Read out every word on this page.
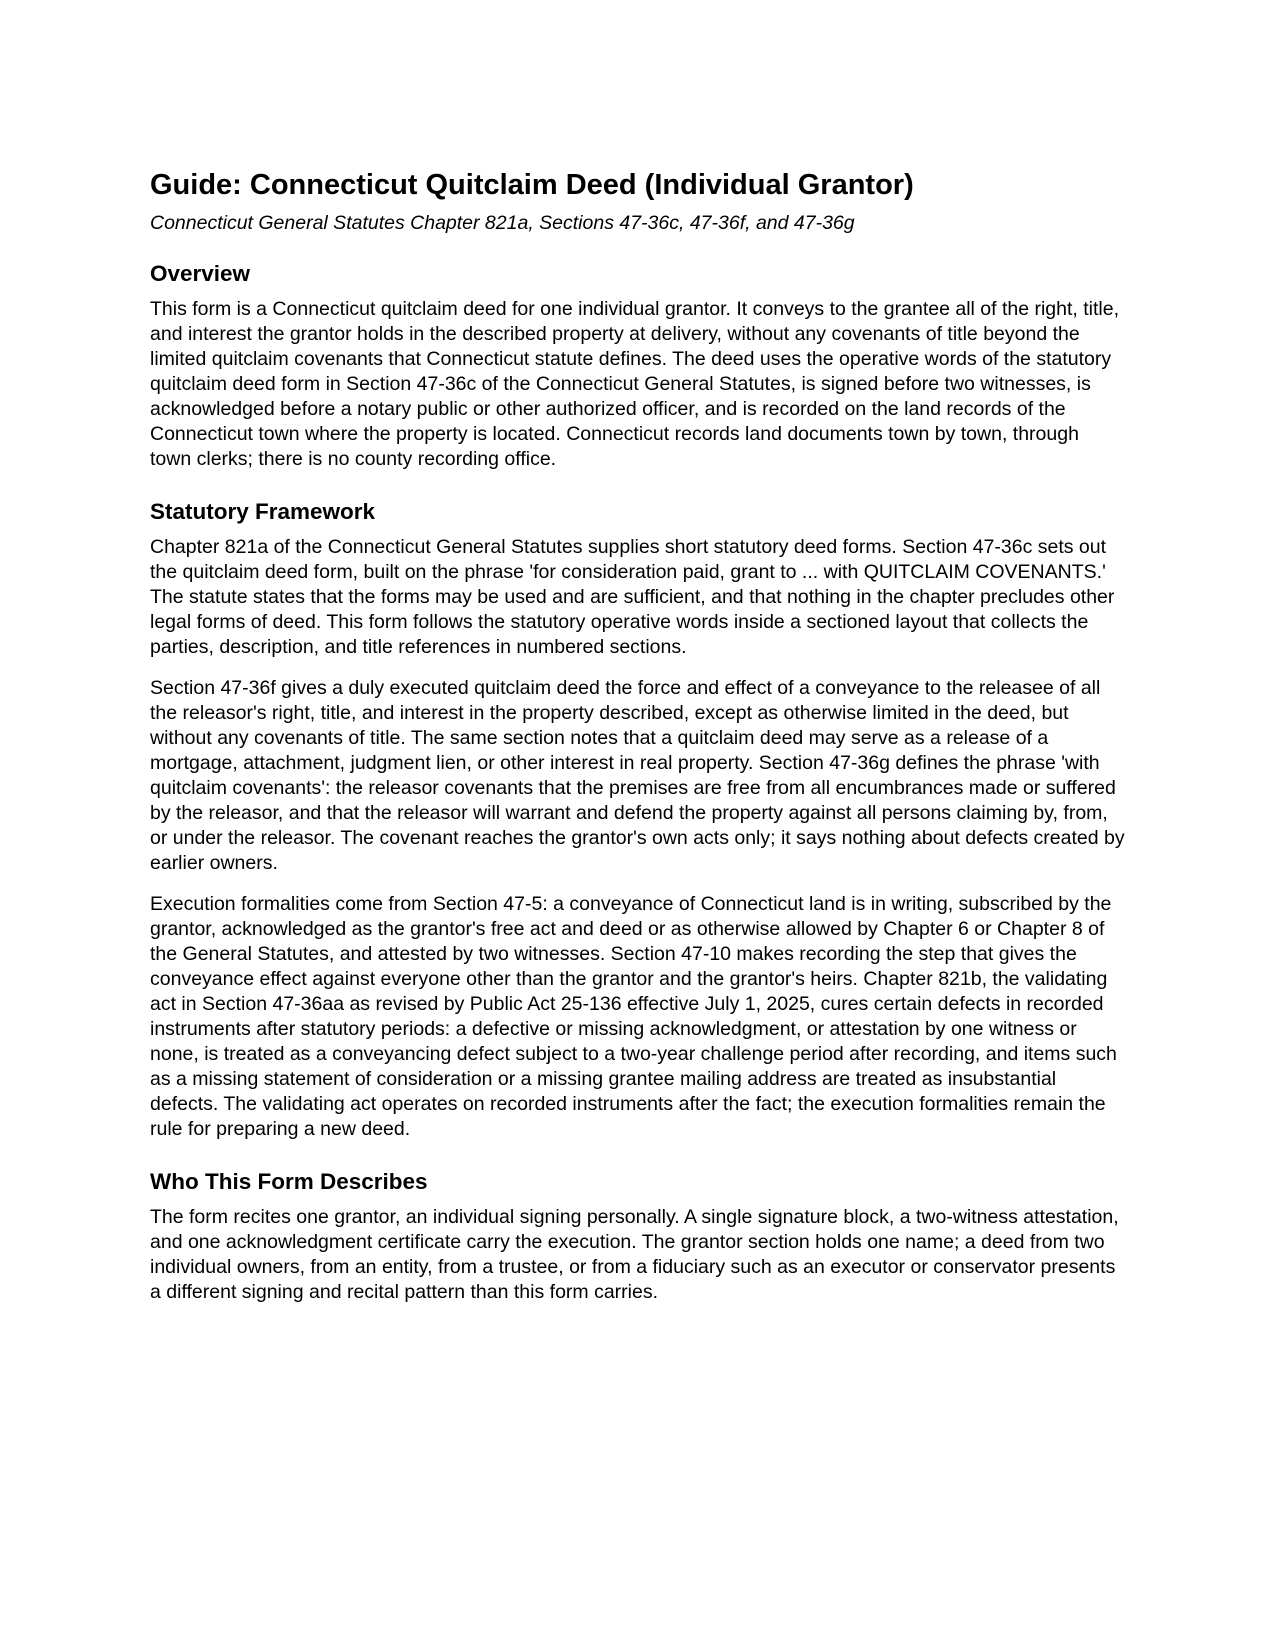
Guide: Connecticut Quitclaim Deed (Individual Grantor)

Connecticut General Statutes Chapter 821a, Sections 47-36c, 47-36f, and 47-36g

Overview

This form is a Connecticut quitclaim deed for one individual grantor. It conveys to the grantee all of the right, title, and interest the grantor holds in the described property at delivery, without any covenants of title beyond the limited quitclaim covenants that Connecticut statute defines. The deed uses the operative words of the statutory quitclaim deed form in Section 47-36c of the Connecticut General Statutes, is signed before two witnesses, is acknowledged before a notary public or other authorized officer, and is recorded on the land records of the Connecticut town where the property is located. Connecticut records land documents town by town, through town clerks; there is no county recording office.

Statutory Framework

Chapter 821a of the Connecticut General Statutes supplies short statutory deed forms. Section 47-36c sets out the quitclaim deed form, built on the phrase 'for consideration paid, grant to ... with QUITCLAIM COVENANTS.' The statute states that the forms may be used and are sufficient, and that nothing in the chapter precludes other legal forms of deed. This form follows the statutory operative words inside a sectioned layout that collects the parties, description, and title references in numbered sections.

Section 47-36f gives a duly executed quitclaim deed the force and effect of a conveyance to the releasee of all the releasor's right, title, and interest in the property described, except as otherwise limited in the deed, but without any covenants of title. The same section notes that a quitclaim deed may serve as a release of a mortgage, attachment, judgment lien, or other interest in real property. Section 47-36g defines the phrase 'with quitclaim covenants': the releasor covenants that the premises are free from all encumbrances made or suffered by the releasor, and that the releasor will warrant and defend the property against all persons claiming by, from, or under the releasor. The covenant reaches the grantor's own acts only; it says nothing about defects created by earlier owners.

Execution formalities come from Section 47-5: a conveyance of Connecticut land is in writing, subscribed by the grantor, acknowledged as the grantor's free act and deed or as otherwise allowed by Chapter 6 or Chapter 8 of the General Statutes, and attested by two witnesses. Section 47-10 makes recording the step that gives the conveyance effect against everyone other than the grantor and the grantor's heirs. Chapter 821b, the validating act in Section 47-36aa as revised by Public Act 25-136 effective July 1, 2025, cures certain defects in recorded instruments after statutory periods: a defective or missing acknowledgment, or attestation by one witness or none, is treated as a conveyancing defect subject to a two-year challenge period after recording, and items such as a missing statement of consideration or a missing grantee mailing address are treated as insubstantial defects. The validating act operates on recorded instruments after the fact; the execution formalities remain the rule for preparing a new deed.

Who This Form Describes

The form recites one grantor, an individual signing personally. A single signature block, a two-witness attestation, and one acknowledgment certificate carry the execution. The grantor section holds one name; a deed from two individual owners, from an entity, from a trustee, or from a fiduciary such as an executor or conservator presents a different signing and recital pattern than this form carries.
